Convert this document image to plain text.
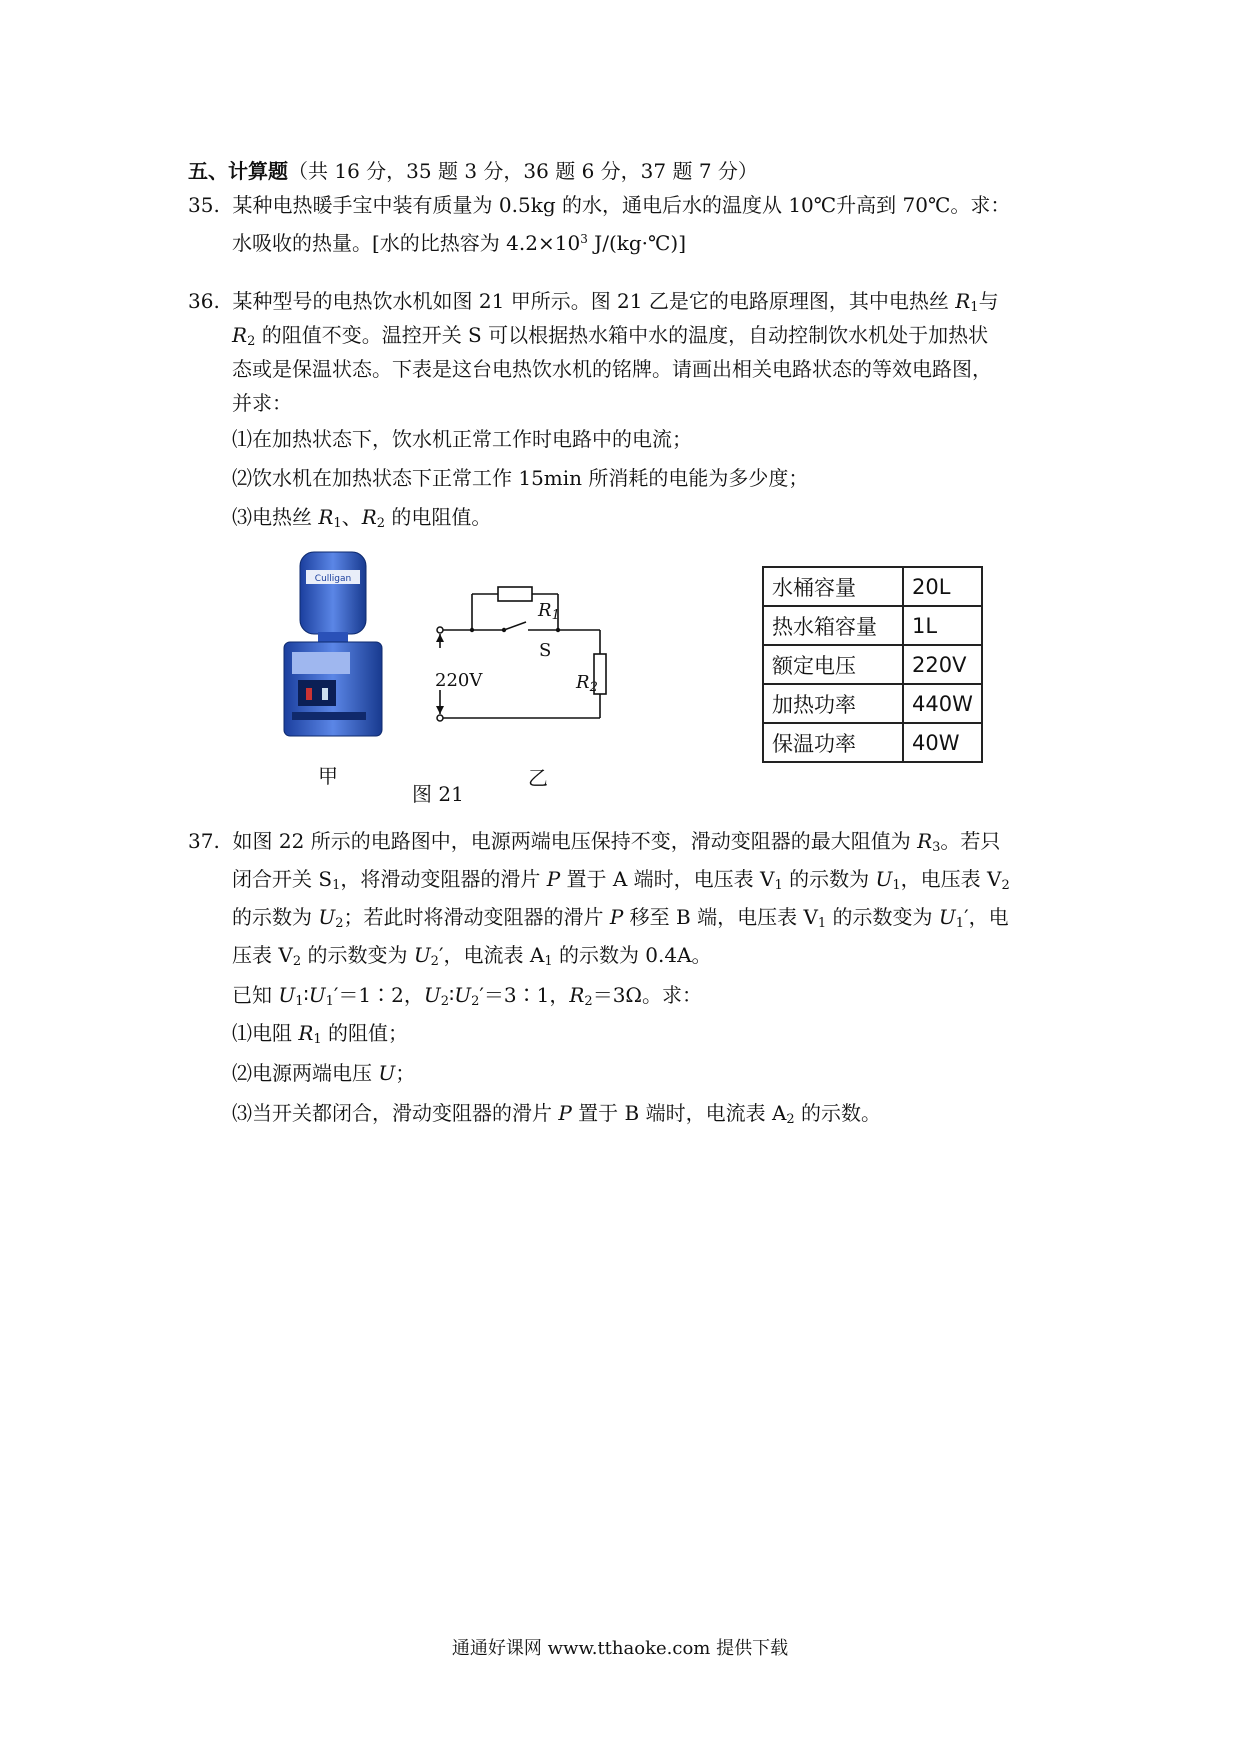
五、计算题（共 16 分，35 题 3 分，36 题 6 分，37 题 7 分）
35. 某种电热暖手宝中装有质量为 0.5kg 的水，通电后水的温度从 10℃升高到 70℃。求：
水吸收的热量。[水的比热容为 $4.2\times 10^3$ J/(kg·℃)]
36. 某种型号的电热饮水机如图 21 甲所示。图 21 乙是它的电路原理图，其中电热丝 $R_1$与
$R_2$ 的阻值不变。温控开关 S 可以根据热水箱中水的温度，自动控制饮水机处于加热状
态或是保温状态。下表是这台电热饮水机的铭牌。请画出相关电路状态的等效电路图，
并求：
⑴在加热状态下，饮水机正常工作时电路中的电流；
⑵饮水机在加热状态下正常工作 15min 所消耗的电能为多少度；
⑶电热丝 $R_1$、$R_2$ 的电阻值。
Culligan
甲
$R_1$
S
220V	$R_2$
乙
图 21
水桶容量	20L
热水箱容量	1L
额定电压	220V
加热功率	440W
保温功率	40W
37. 如图 22 所示的电路图中，电源两端电压保持不变，滑动变阻器的最大阻值为 $R_3$。若只
闭合开关 $S_1$，将滑动变阻器的滑片 P 置于 A 端时，电压表 $V_1$ 的示数为 $U_1$，电压表 $V_2$
的示数为 $U_2$；若此时将滑动变阻器的滑片 P 移至 B 端，电压表 $V_1$ 的示数变为 $U_1'$，电
压表 $V_2$ 的示数变为 $U_2'$，电流表 $A_1$ 的示数为 0.4A。
已知 $U_1∶U_1'=1∶2$，$U_2∶U_2'=3∶1$，$R_2=3\Omega$。求：
⑴电阻 $R_1$ 的阻值；
⑵电源两端电压 U；
⑶当开关都闭合，滑动变阻器的滑片 P 置于 B 端时，电流表 $A_2$ 的示数。
通通好课网 www.tthaoke.com 提供下载
